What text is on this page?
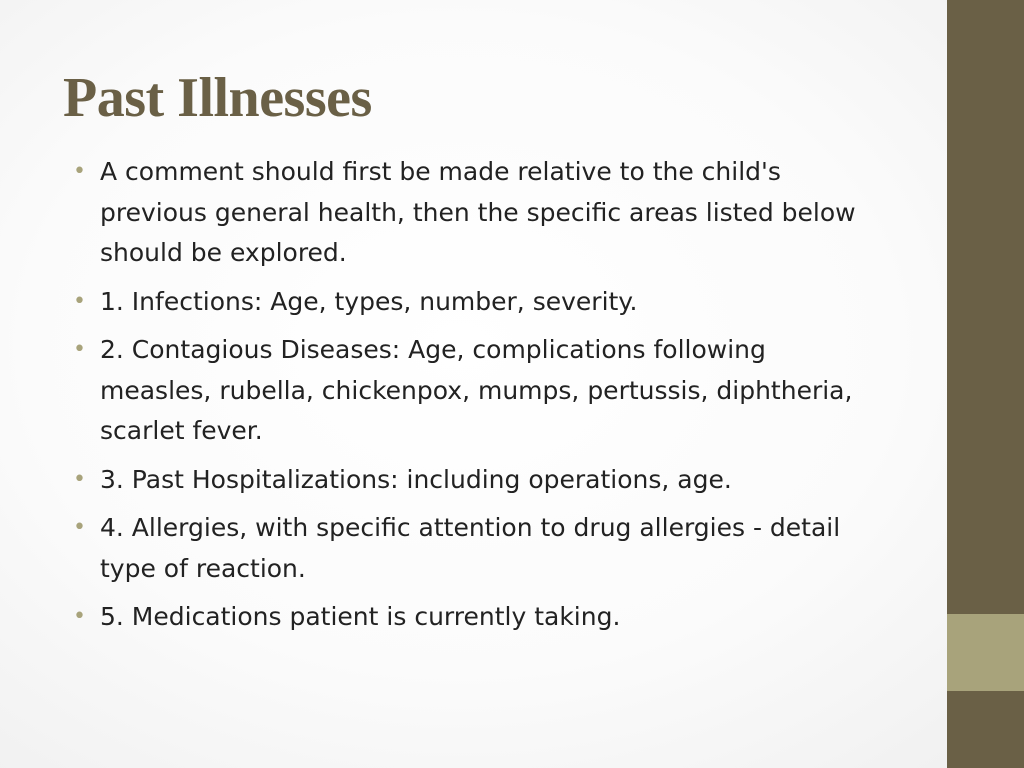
Past Illnesses
• A comment should first be made relative to the child's previous general health, then the specific areas listed below should be explored.
• 1. Infections: Age, types, number, severity.
• 2. Contagious Diseases: Age, complications following measles, rubella, chickenpox, mumps, pertussis, diphtheria, scarlet fever.
• 3. Past Hospitalizations: including operations, age.
• 4. Allergies, with specific attention to drug allergies - detail type of reaction.
• 5. Medications patient is currently taking.
